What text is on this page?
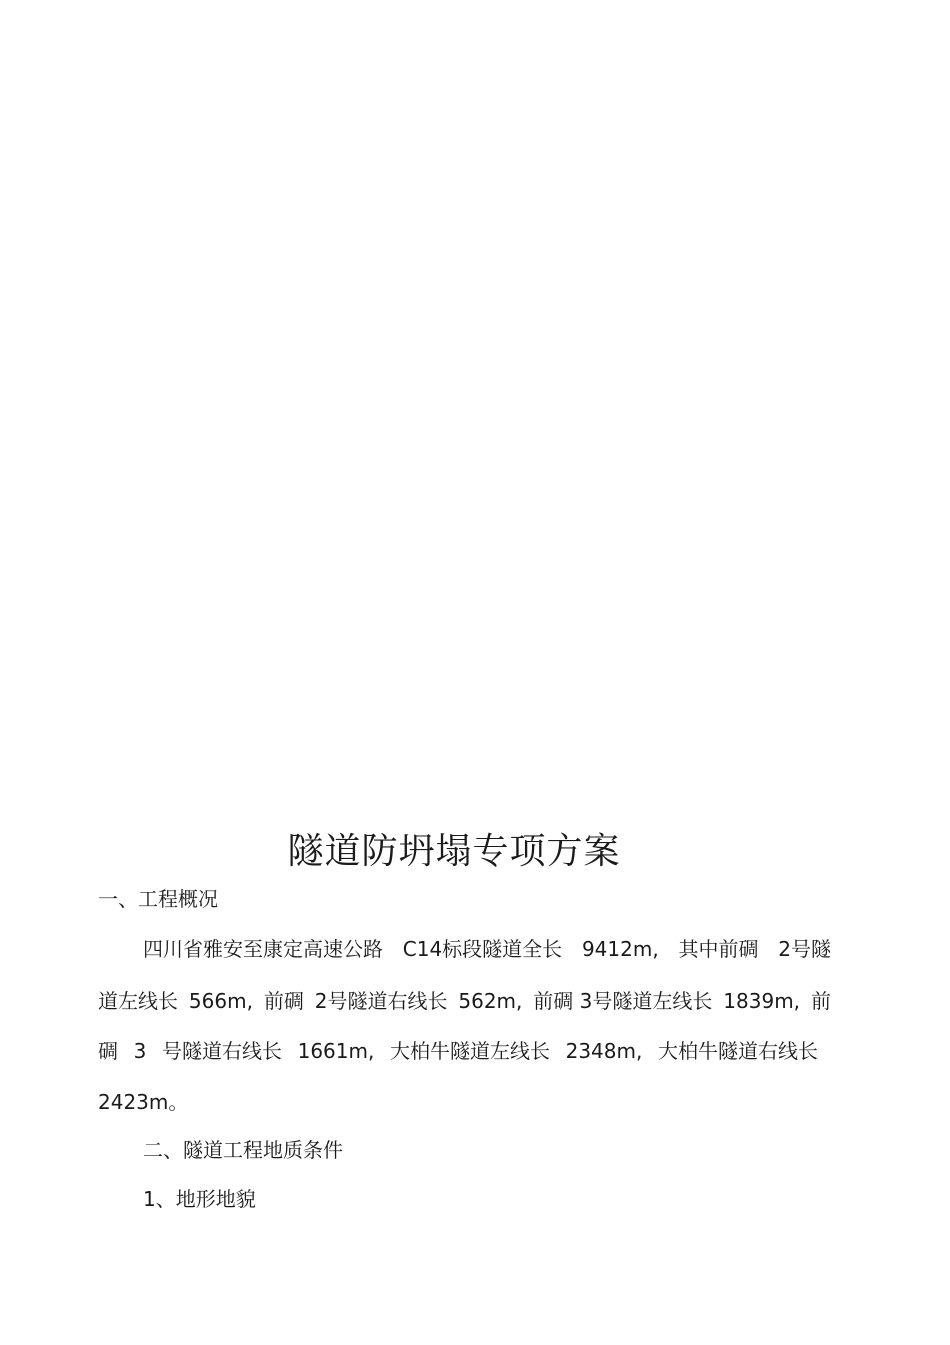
隧道防坍塌专项方案
一、工程概况
四川省雅安至康定高速公路 C14标段隧道全长 9412m, 其中前碉 2号隧
道左线长 566m, 前碉 2号隧道右线长 562m, 前碉 3号隧道左线长 1839m, 前
碉 3 号隧道右线长 1661m, 大柏牛隧道左线长 2348m, 大柏牛隧道右线长
2423m。
二、隧道工程地质条件
1、地形地貌
